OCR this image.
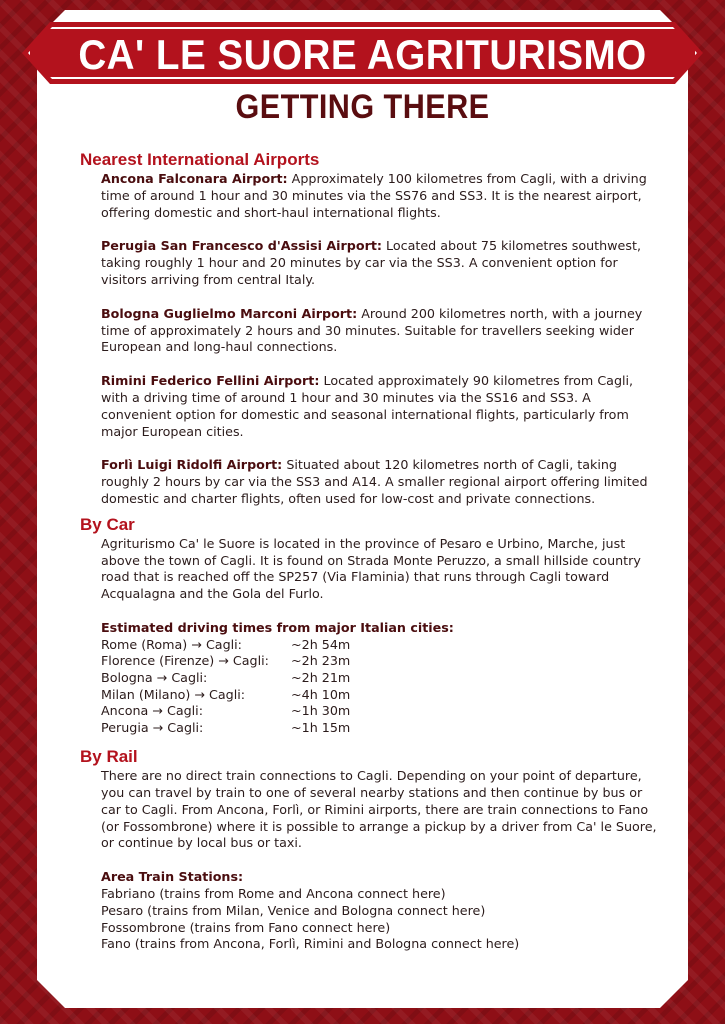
CA' LE SUORE AGRITURISMO
GETTING THERE
Nearest International Airports

Ancona Falconara Airport: Approximately 100 kilometres from Cagli, with a driving time of around 1 hour and 30 minutes via the SS76 and SS3. It is the nearest airport, offering domestic and short-haul international flights.

Perugia San Francesco d'Assisi Airport: Located about 75 kilometres southwest, taking roughly 1 hour and 20 minutes by car via the SS3. A convenient option for visitors arriving from central Italy.

Bologna Guglielmo Marconi Airport: Around 200 kilometres north, with a journey time of approximately 2 hours and 30 minutes. Suitable for travellers seeking wider European and long-haul connections.

Rimini Federico Fellini Airport: Located approximately 90 kilometres from Cagli, with a driving time of around 1 hour and 30 minutes via the SS16 and SS3. A convenient option for domestic and seasonal international flights, particularly from major European cities.

Forlì Luigi Ridolfi Airport: Situated about 120 kilometres north of Cagli, taking roughly 2 hours by car via the SS3 and A14. A smaller regional airport offering limited domestic and charter flights, often used for low-cost and private connections.

By Car
Agriturismo Ca' le Suore is located in the province of Pesaro e Urbino, Marche, just above the town of Cagli. It is found on Strada Monte Peruzzo, a small hillside country road that is reached off the SP257 (Via Flaminia) that runs through Cagli toward Acqualagna and the Gola del Furlo.
Estimated driving times from major Italian cities:
Rome (Roma) → Cagli:	~2h 54m
Florence (Firenze) → Cagli:	~2h 23m
Bologna → Cagli:	~2h 21m
Milan (Milano) → Cagli:	~4h 10m
Ancona → Cagli:	~1h 30m
Perugia → Cagli:	~1h 15m
By Rail
There are no direct train connections to Cagli. Depending on your point of departure, you can travel by train to one of several nearby stations and then continue by bus or car to Cagli. From Ancona, Forlì, or Rimini airports, there are train connections to Fano (or Fossombrone) where it is possible to arrange a pickup by a driver from Ca' le Suore, or continue by local bus or taxi.
Area Train Stations:
Fabriano (trains from Rome and Ancona connect here)
Pesaro (trains from Milan, Venice and Bologna connect here)
Fossombrone (trains from Fano connect here)
Fano (trains from Ancona, Forlì, Rimini and Bologna connect here)
